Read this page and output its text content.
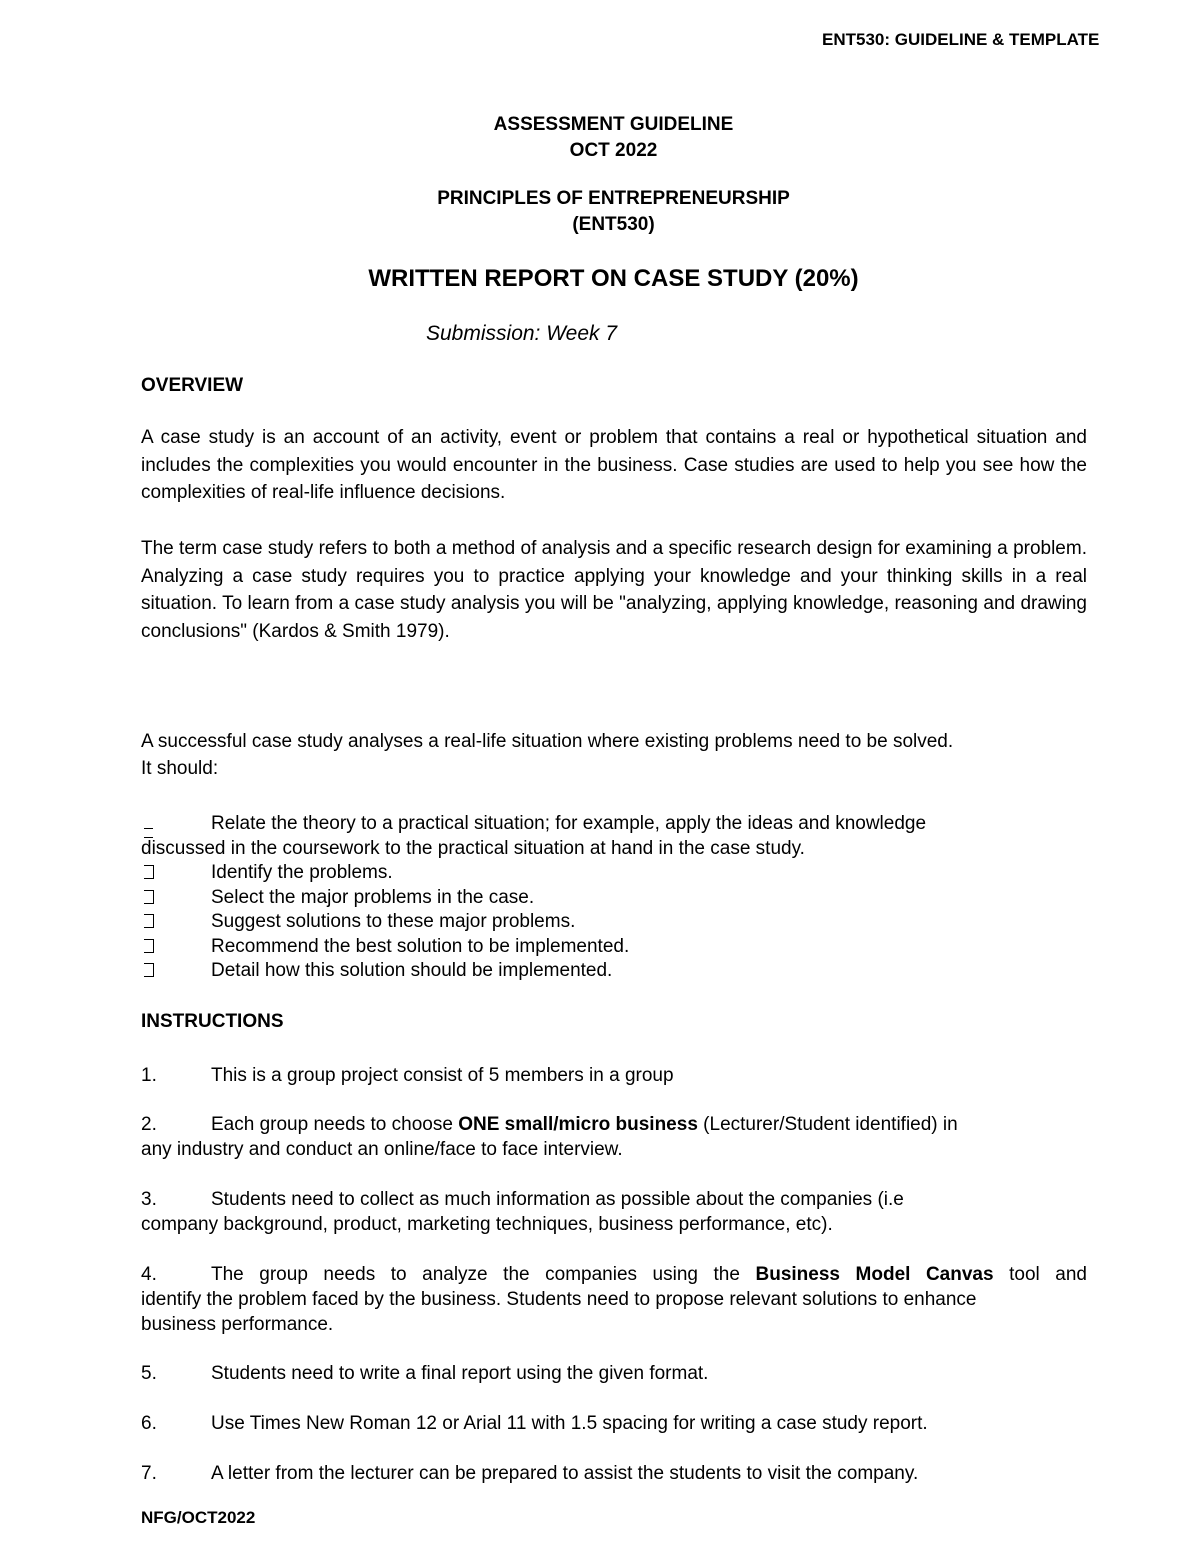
ENT530: GUIDELINE & TEMPLATE
ASSESSMENT GUIDELINE
OCT 2022
PRINCIPLES OF ENTREPRENEURSHIP
(ENT530)
WRITTEN REPORT ON CASE STUDY (20%)
Submission: Week 7
OVERVIEW
A case study is an account of an activity, event or problem that contains a real or hypothetical situation and includes the complexities you would encounter in the business. Case studies are used to help you see how the complexities of real-life influence decisions.
The term case study refers to both a method of analysis and a specific research design for examining a problem. Analyzing a case study requires you to practice applying your knowledge and your thinking skills in a real situation. To learn from a case study analysis you will be "analyzing, applying knowledge, reasoning and drawing conclusions" (Kardos & Smith 1979).
A successful case study analyses a real-life situation where existing problems need to be solved.
It should:
Relate the theory to a practical situation; for example, apply the ideas and knowledge
discussed in the coursework to the practical situation at hand in the case study.
Identify the problems.
Select the major problems in the case.
Suggest solutions to these major problems.
Recommend the best solution to be implemented.
Detail how this solution should be implemented.
INSTRUCTIONS
1.	This is a group project consist of 5 members in a group
2.	Each group needs to choose ONE small/micro business (Lecturer/Student identified) in
any industry and conduct an online/face to face interview.
3.	Students need to collect as much information as possible about the companies (i.e
company background, product, marketing techniques, business performance, etc).
4.	The group needs to analyze the companies using the Business Model Canvas tool and
identify the problem faced by the business. Students need to propose relevant solutions to enhance
business performance.
5.	Students need to write a final report using the given format.
6.	Use Times New Roman 12 or Arial 11 with 1.5 spacing for writing a case study report.
7.	A letter from the lecturer can be prepared to assist the students to visit the company.
NFG/OCT2022
